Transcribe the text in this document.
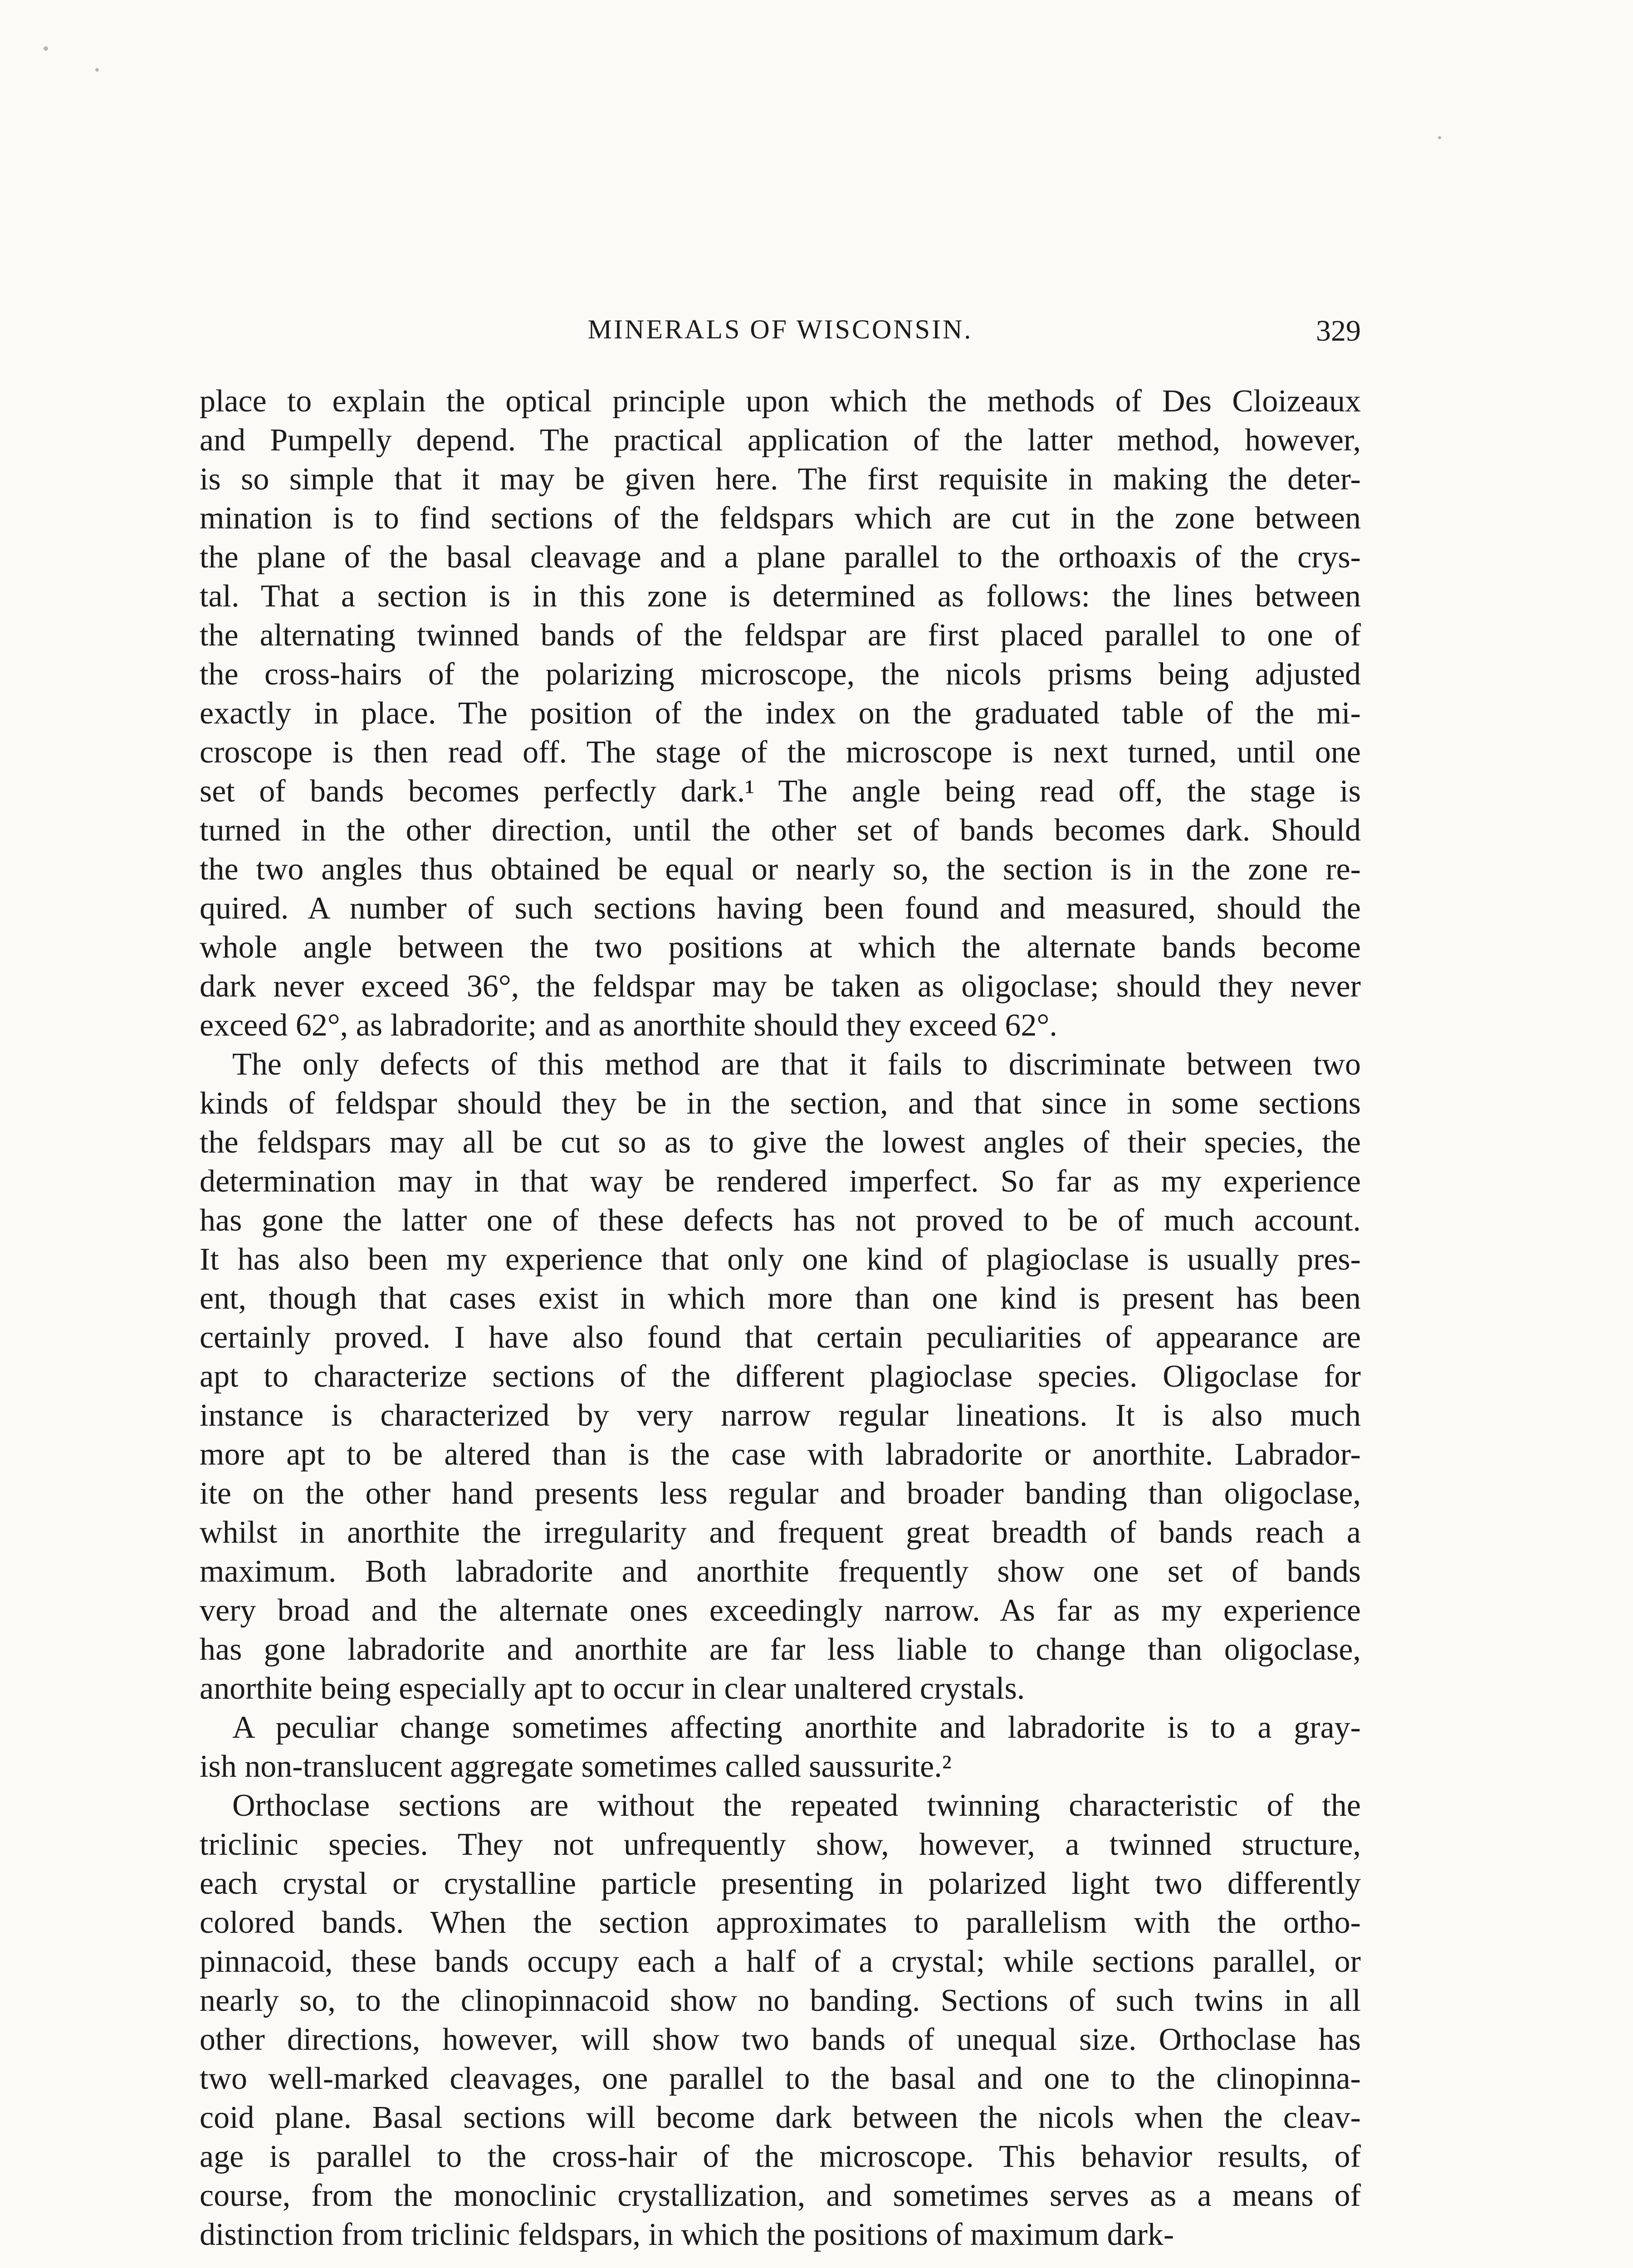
MINERALS OF WISCONSIN.	329
place to explain the optical principle upon which the methods of Des Cloizeaux
and Pumpelly depend. The practical application of the latter method, however,
is so simple that it may be given here. The first requisite in making the deter-
mination is to find sections of the feldspars which are cut in the zone between
the plane of the basal cleavage and a plane parallel to the orthoaxis of the crys-
tal. That a section is in this zone is determined as follows: the lines between
the alternating twinned bands of the feldspar are first placed parallel to one of
the cross-hairs of the polarizing microscope, the nicols prisms being adjusted
exactly in place. The position of the index on the graduated table of the mi-
croscope is then read off. The stage of the microscope is next turned, until one
set of bands becomes perfectly dark.¹ The angle being read off, the stage is
turned in the other direction, until the other set of bands becomes dark. Should
the two angles thus obtained be equal or nearly so, the section is in the zone re-
quired. A number of such sections having been found and measured, should the
whole angle between the two positions at which the alternate bands become
dark never exceed 36°, the feldspar may be taken as oligoclase; should they never
exceed 62°, as labradorite; and as anorthite should they exceed 62°.
The only defects of this method are that it fails to discriminate between two
kinds of feldspar should they be in the section, and that since in some sections
the feldspars may all be cut so as to give the lowest angles of their species, the
determination may in that way be rendered imperfect. So far as my experience
has gone the latter one of these defects has not proved to be of much account.
It has also been my experience that only one kind of plagioclase is usually pres-
ent, though that cases exist in which more than one kind is present has been
certainly proved. I have also found that certain peculiarities of appearance are
apt to characterize sections of the different plagioclase species. Oligoclase for
instance is characterized by very narrow regular lineations. It is also much
more apt to be altered than is the case with labradorite or anorthite. Labrador-
ite on the other hand presents less regular and broader banding than oligoclase,
whilst in anorthite the irregularity and frequent great breadth of bands reach a
maximum. Both labradorite and anorthite frequently show one set of bands
very broad and the alternate ones exceedingly narrow. As far as my experience
has gone labradorite and anorthite are far less liable to change than oligoclase,
anorthite being especially apt to occur in clear unaltered crystals.
A peculiar change sometimes affecting anorthite and labradorite is to a gray-
ish non-translucent aggregate sometimes called saussurite.²
Orthoclase sections are without the repeated twinning characteristic of the
triclinic species. They not unfrequently show, however, a twinned structure,
each crystal or crystalline particle presenting in polarized light two differently
colored bands. When the section approximates to parallelism with the ortho-
pinnacoid, these bands occupy each a half of a crystal; while sections parallel, or
nearly so, to the clinopinnacoid show no banding. Sections of such twins in all
other directions, however, will show two bands of unequal size. Orthoclase has
two well-marked cleavages, one parallel to the basal and one to the clinopinna-
coid plane. Basal sections will become dark between the nicols when the cleav-
age is parallel to the cross-hair of the microscope. This behavior results, of
course, from the monoclinic crystallization, and sometimes serves as a means of
distinction from triclinic feldspars, in which the positions of maximum dark-
